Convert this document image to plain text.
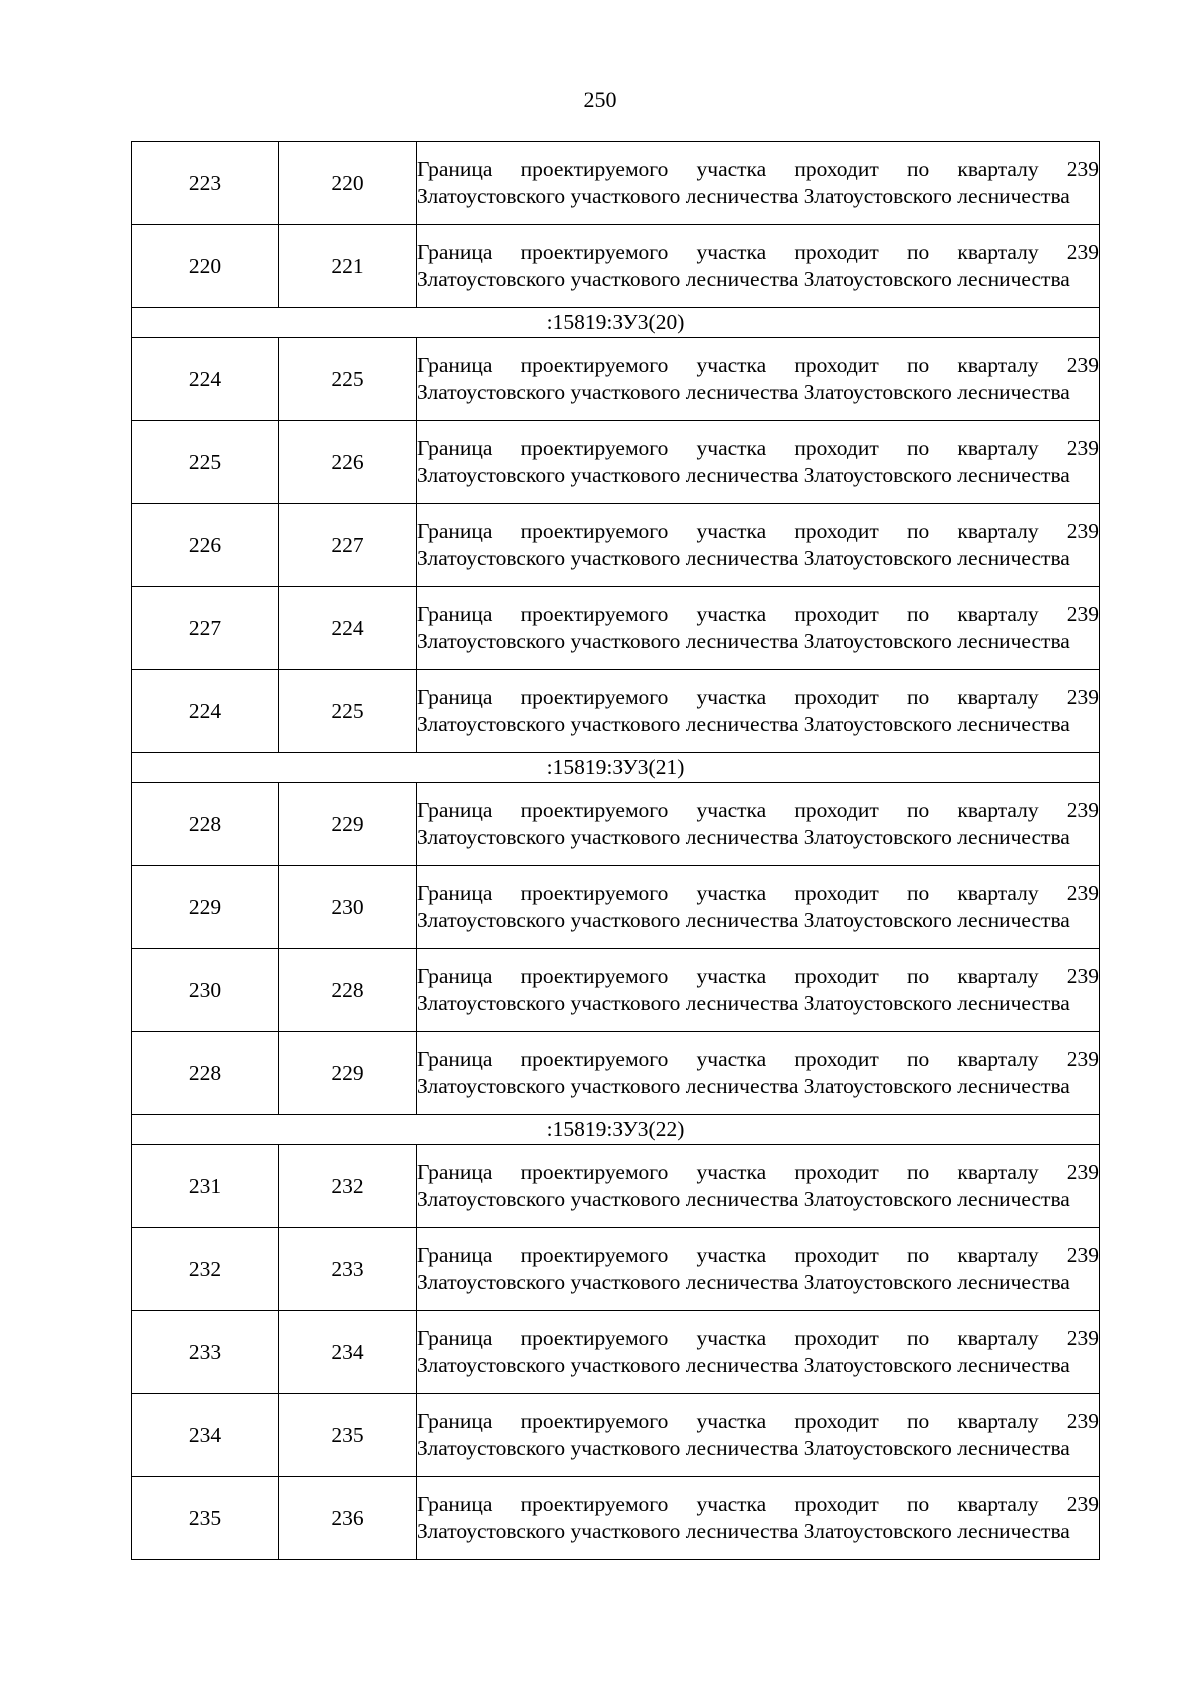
250
223	220	Граница проектируемого участка проходит по кварталу 239 Златоустовского участкового лесничества Златоустовского лесничества
220	221	Граница проектируемого участка проходит по кварталу 239 Златоустовского участкового лесничества Златоустовского лесничества
:15819:ЗУ3(20)		
224	225	Граница проектируемого участка проходит по кварталу 239 Златоустовского участкового лесничества Златоустовского лесничества
225	226	Граница проектируемого участка проходит по кварталу 239 Златоустовского участкового лесничества Златоустовского лесничества
226	227	Граница проектируемого участка проходит по кварталу 239 Златоустовского участкового лесничества Златоустовского лесничества
227	224	Граница проектируемого участка проходит по кварталу 239 Златоустовского участкового лесничества Златоустовского лесничества
224	225	Граница проектируемого участка проходит по кварталу 239 Златоустовского участкового лесничества Златоустовского лесничества
:15819:ЗУ3(21)		
228	229	Граница проектируемого участка проходит по кварталу 239 Златоустовского участкового лесничества Златоустовского лесничества
229	230	Граница проектируемого участка проходит по кварталу 239 Златоустовского участкового лесничества Златоустовского лесничества
230	228	Граница проектируемого участка проходит по кварталу 239 Златоустовского участкового лесничества Златоустовского лесничества
228	229	Граница проектируемого участка проходит по кварталу 239 Златоустовского участкового лесничества Златоустовского лесничества
:15819:ЗУ3(22)		
231	232	Граница проектируемого участка проходит по кварталу 239 Златоустовского участкового лесничества Златоустовского лесничества
232	233	Граница проектируемого участка проходит по кварталу 239 Златоустовского участкового лесничества Златоустовского лесничества
233	234	Граница проектируемого участка проходит по кварталу 239 Златоустовского участкового лесничества Златоустовского лесничества
234	235	Граница проектируемого участка проходит по кварталу 239 Златоустовского участкового лесничества Златоустовского лесничества
235	236	Граница проектируемого участка проходит по кварталу 239 Златоустовского участкового лесничества Златоустовского лесничества
